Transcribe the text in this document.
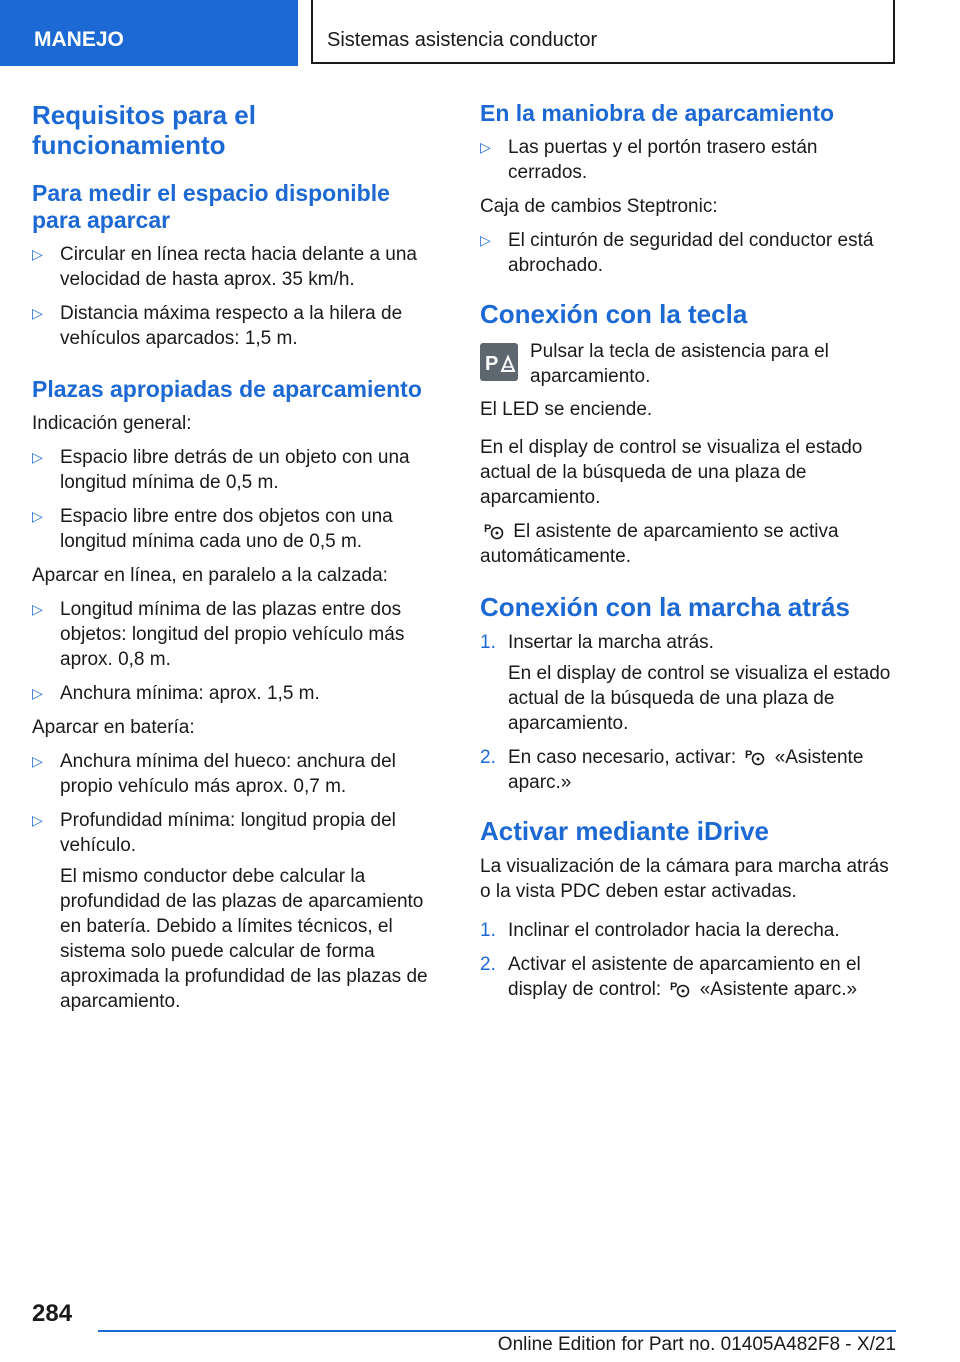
MANEJO	Sistemas asistencia conductor
Requisitos para el funcionamiento
Para medir el espacio disponible para aparcar
▷ Circular en línea recta hacia delante a una velocidad de hasta aprox. 35 km/h.
▷ Distancia máxima respecto a la hilera de vehículos aparcados: 1,5 m.
Plazas apropiadas de aparcamiento

Indicación general:

▷ Espacio libre detrás de un objeto con una longitud mínima de 0,5 m.
▷ Espacio libre entre dos objetos con una longitud mínima cada uno de 0,5 m.

Aparcar en línea, en paralelo a la calzada:

▷ Longitud mínima de las plazas entre dos objetos: longitud del propio vehículo más aprox. 0,8 m.
▷ Anchura mínima: aprox. 1,5 m.

Aparcar en batería:

▷ Anchura mínima del hueco: anchura del propio vehículo más aprox. 0,7 m.
▷ Profundidad mínima: longitud propia del vehículo.
El mismo conductor debe calcular la profundidad de las plazas de aparcamiento en batería. Debido a límites técnicos, el sistema solo puede calcular de forma aproximada la profundidad de las plazas de aparcamiento.
En la maniobra de aparcamiento
▷ Las puertas y el portón trasero están cerrados.

Caja de cambios Steptronic:

▷ El cinturón de seguridad del conductor está abrochado.
Conexión con la tecla
P
Pulsar la tecla de asistencia para el aparcamiento.

El LED se enciende.

En el display de control se visualiza el estado actual de la búsqueda de una plaza de aparcamiento.

P El asistente de aparcamiento se activa automáticamente.

Conexión con la marcha atrás
1. Insertar la marcha atrás.
En el display de control se visualiza el estado actual de la búsqueda de una plaza de aparcamiento.
2. En caso necesario, activar: P «Asistente aparc.»
Activar mediante iDrive

La visualización de la cámara para marcha atrás o la vista PDC deben estar activadas.

1. Inclinar el controlador hacia la derecha.
2. Activar el asistente de aparcamiento en el display de control: P «Asistente aparc.»
284
Online Edition for Part no. 01405A482F8 - X/21
